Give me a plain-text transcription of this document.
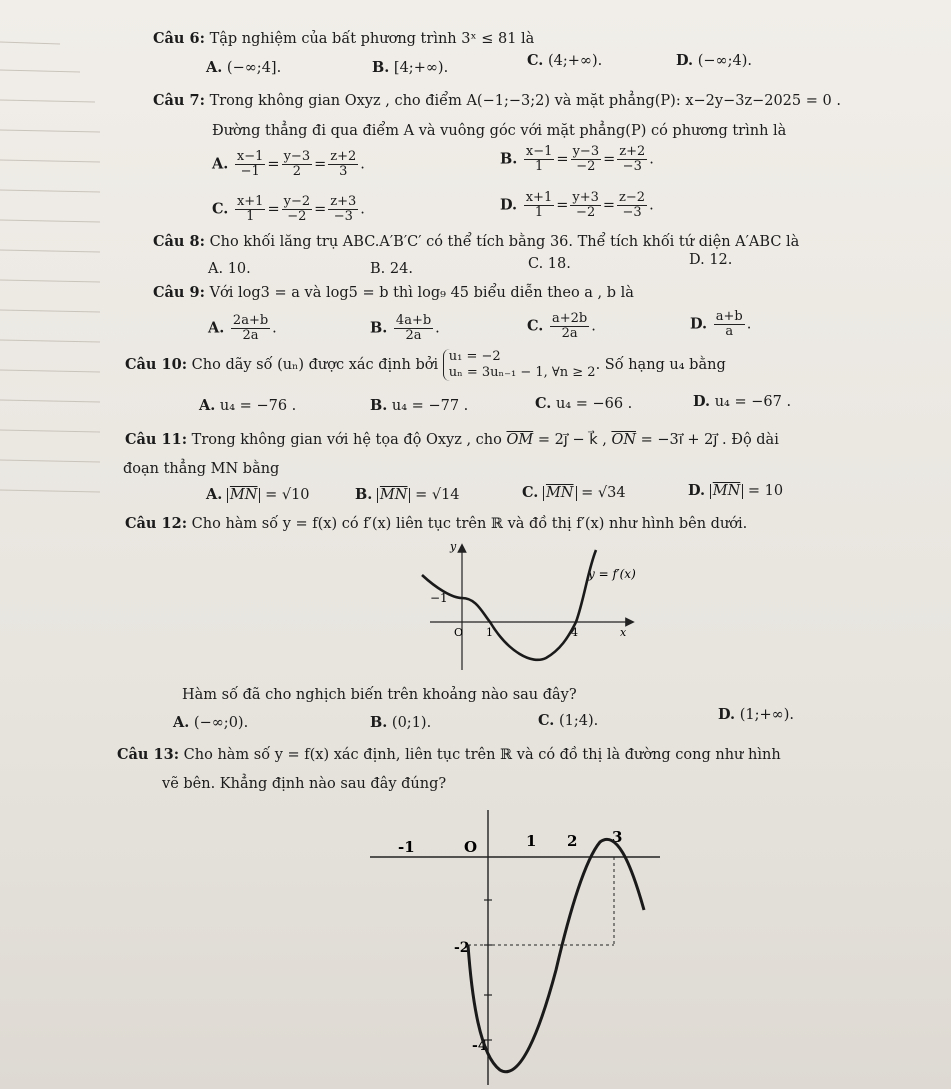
Câu 6: Tập nghiệm của bất phương trình 3ˣ ≤ 81 là
A. (−∞;4].	B. [4;+∞).	C. (4;+∞).	D. (−∞;4).
Câu 7: Trong không gian Oxyz , cho điểm A(−1;−3;2) và mặt phẳng(P): x−2y−3z−2025 = 0 .
Đường thẳng đi qua điểm A và vuông góc với mặt phẳng(P) có phương trình là
A. $\frac{x-1}{-1} = \frac{y-3}{2} = \frac{z+2}{3}$ .	B. $\frac{x-1}{1} = \frac{y-3}{-2} = \frac{z+2}{-3}$ .
C. $\frac{x+1}{1} = \frac{y-2}{-2} = \frac{z+3}{-3}$ .	D. $\frac{x+1}{1} = \frac{y+3}{-2} = \frac{z-2}{-3}$ .
Câu 8: Cho khối lăng trụ ABC.A′B′C′ có thể tích bằng 36. Thể tích khối tứ diện A′ABC là
A. 10.	B. 24.	C. 18.	D. 12.
Câu 9: Với log3 = a và log5 = b thì log₉ 45 biểu diễn theo a , b là
A. $\frac{2a+b}{2a}$ .	B. $\frac{4a+b}{2a}$ .	C. $\frac{a+2b}{2a}$ .	D. $\frac{a+b}{a}$ .
Câu 10: Cho dãy số (uₙ) được xác định bởi
u₁ = −2
uₙ = 3uₙ₋₁ − 1, ∀n ≥ 2 . Số hạng u₄ bằng
A. u₄ = −76 .	B. u₄ = −77 .	C. u₄ = −66 .	D. u₄ = −67 .
Câu 11: Trong không gian với hệ tọa độ Oxyz , cho $\overline{OM}$ = 2j⃗ − k⃗ , $\overline{ON}$ = −3i⃗ + 2j⃗ . Độ dài
đoạn thẳng MN bằng
A. $\overline{MN} = √10$	B. $\overline{MN} = √14$	C. $\overline{MN} = √34$	D. $\overline{MN} = 10$
Câu 12: Cho hàm số y = f(x) có f′(x) liên tục trên ℝ và đồ thị f′(x) như hình bên dưới.
y
y = f′(x)
x
−1
O 1	4
Hàm số đã cho nghịch biến trên khoảng nào sau đây?
A. (−∞;0).	B. (0;1).	C. (1;4).	D. (1;+∞).
Câu 13: Cho hàm số y = f(x) xác định, liên tục trên ℝ và có đồ thị là đường cong như hình
vẽ bên. Khẳng định nào sau đây đúng?
-1	O	1 2 3
-2
-4
